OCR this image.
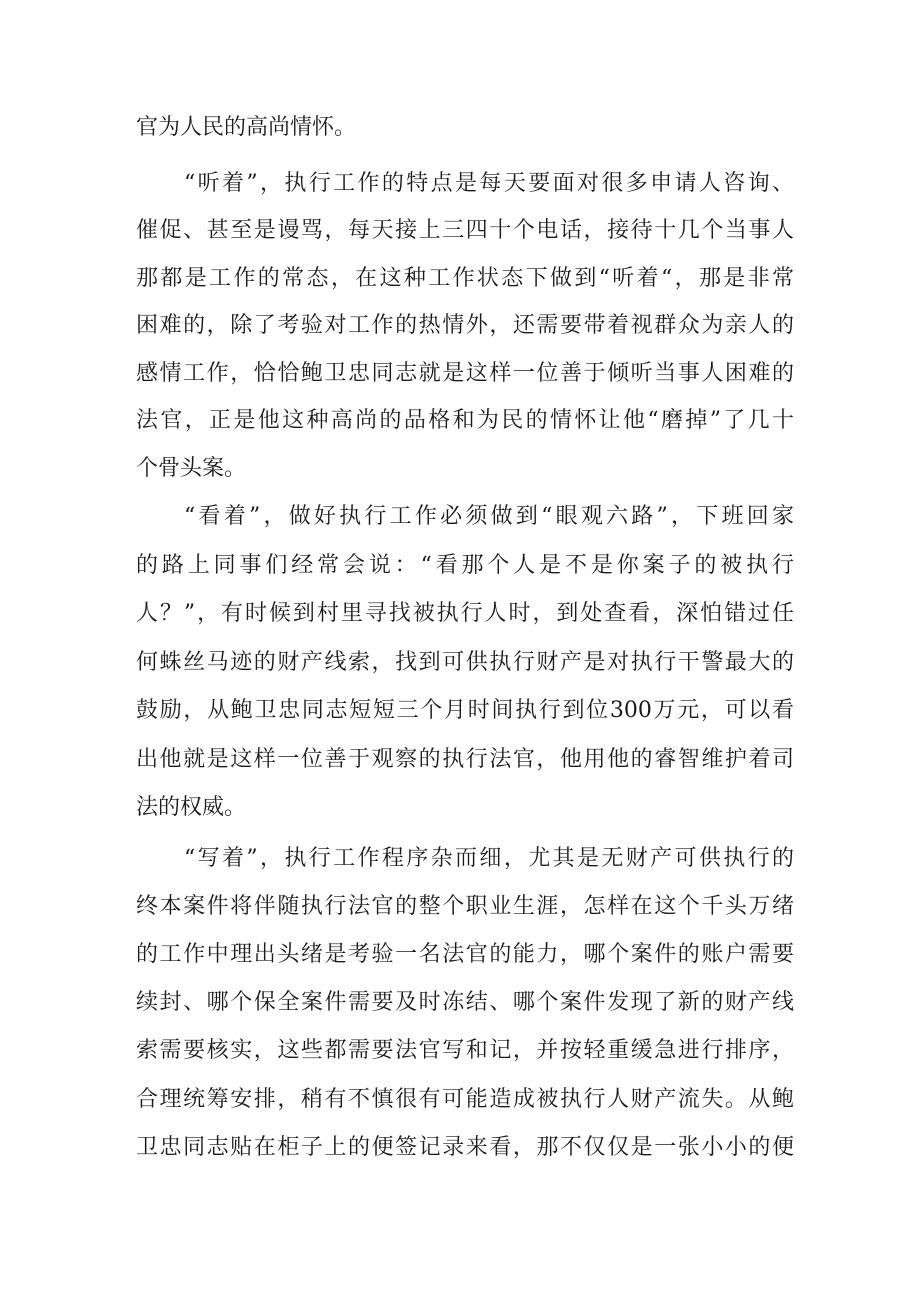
官为人民的高尚情怀。
“听着”，执行工作的特点是每天要面对很多申请人咨询、
催促、甚至是谩骂，每天接上三四十个电话，接待十几个当事人
那都是工作的常态，在这种工作状态下做到“听着“，那是非常
困难的，除了考验对工作的热情外，还需要带着视群众为亲人的
感情工作，恰恰鲍卫忠同志就是这样一位善于倾听当事人困难的
法官，正是他这种高尚的品格和为民的情怀让他“磨掉”了几十
个骨头案。
“看着”，做好执行工作必须做到“眼观六路”，下班回家
的路上同事们经常会说：“看那个人是不是你案子的被执行
人？”，有时候到村里寻找被执行人时，到处查看，深怕错过任
何蛛丝马迹的财产线索，找到可供执行财产是对执行干警最大的
鼓励，从鲍卫忠同志短短三个月时间执行到位300万元，可以看
出他就是这样一位善于观察的执行法官，他用他的睿智维护着司
法的权威。
“写着”，执行工作程序杂而细，尤其是无财产可供执行的
终本案件将伴随执行法官的整个职业生涯，怎样在这个千头万绪
的工作中理出头绪是考验一名法官的能力，哪个案件的账户需要
续封、哪个保全案件需要及时冻结、哪个案件发现了新的财产线
索需要核实，这些都需要法官写和记，并按轻重缓急进行排序，
合理统筹安排，稍有不慎很有可能造成被执行人财产流失。从鲍
卫忠同志贴在柜子上的便签记录来看，那不仅仅是一张小小的便
